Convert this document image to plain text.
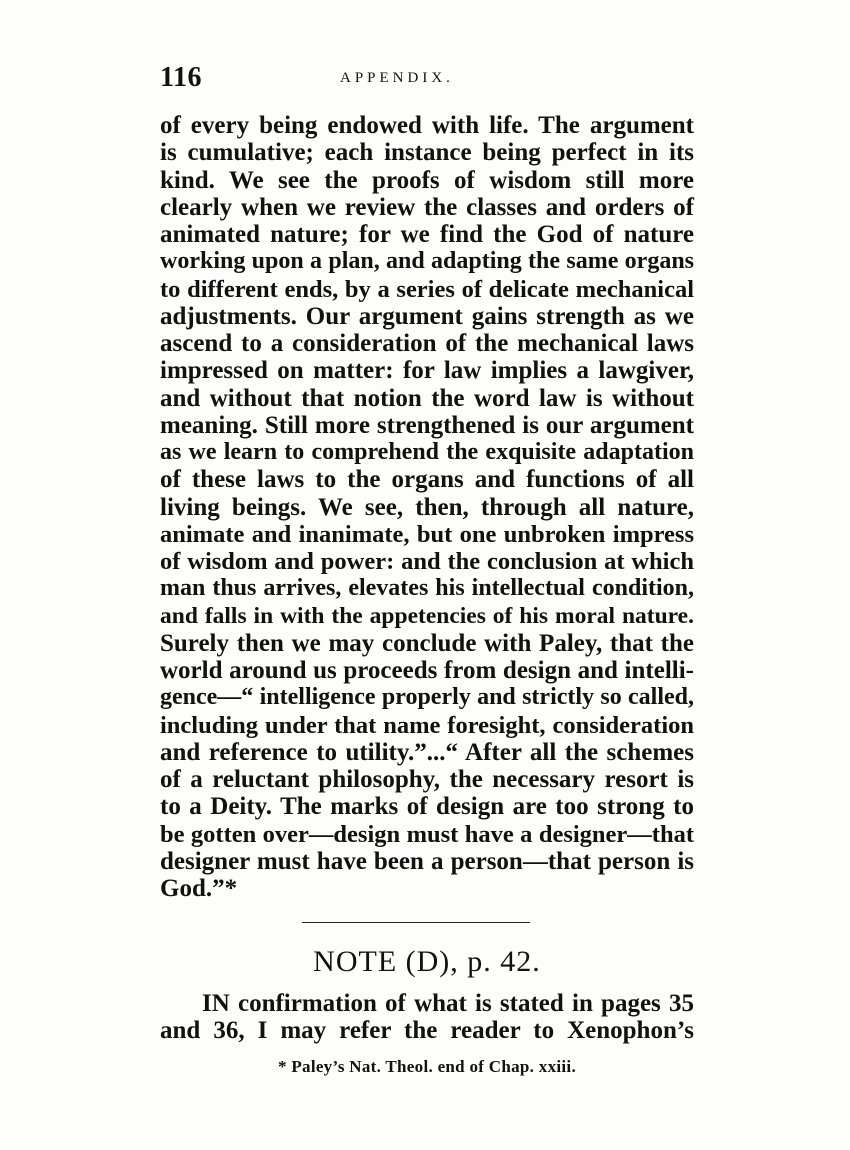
116	APPENDIX.
of every being endowed with life. The argument
is cumulative; each instance being perfect in its
kind. We see the proofs of wisdom still more
clearly when we review the classes and orders of
animated nature; for we find the God of nature
working upon a plan, and adapting the same organs
to different ends, by a series of delicate mechanical
adjustments. Our argument gains strength as we
ascend to a consideration of the mechanical laws
impressed on matter: for law implies a lawgiver,
and without that notion the word law is without
meaning. Still more strengthened is our argument
as we learn to comprehend the exquisite adaptation
of these laws to the organs and functions of all
living beings. We see, then, through all nature,
animate and inanimate, but one unbroken impress
of wisdom and power: and the conclusion at which
man thus arrives, elevates his intellectual condition,
and falls in with the appetencies of his moral nature.
Surely then we may conclude with Paley, that the
world around us proceeds from design and intelli-
gence—“ intelligence properly and strictly so called,
including under that name foresight, consideration
and reference to utility.”...“ After all the schemes
of a reluctant philosophy, the necessary resort is
to a Deity. The marks of design are too strong to
be gotten over—design must have a designer—that
designer must have been a person—that person is
God.”*
NOTE (D), p. 42.
IN confirmation of what is stated in pages 35
and 36, I may refer the reader to Xenophon’s
* Paley’s Nat. Theol. end of Chap. xxiii.
